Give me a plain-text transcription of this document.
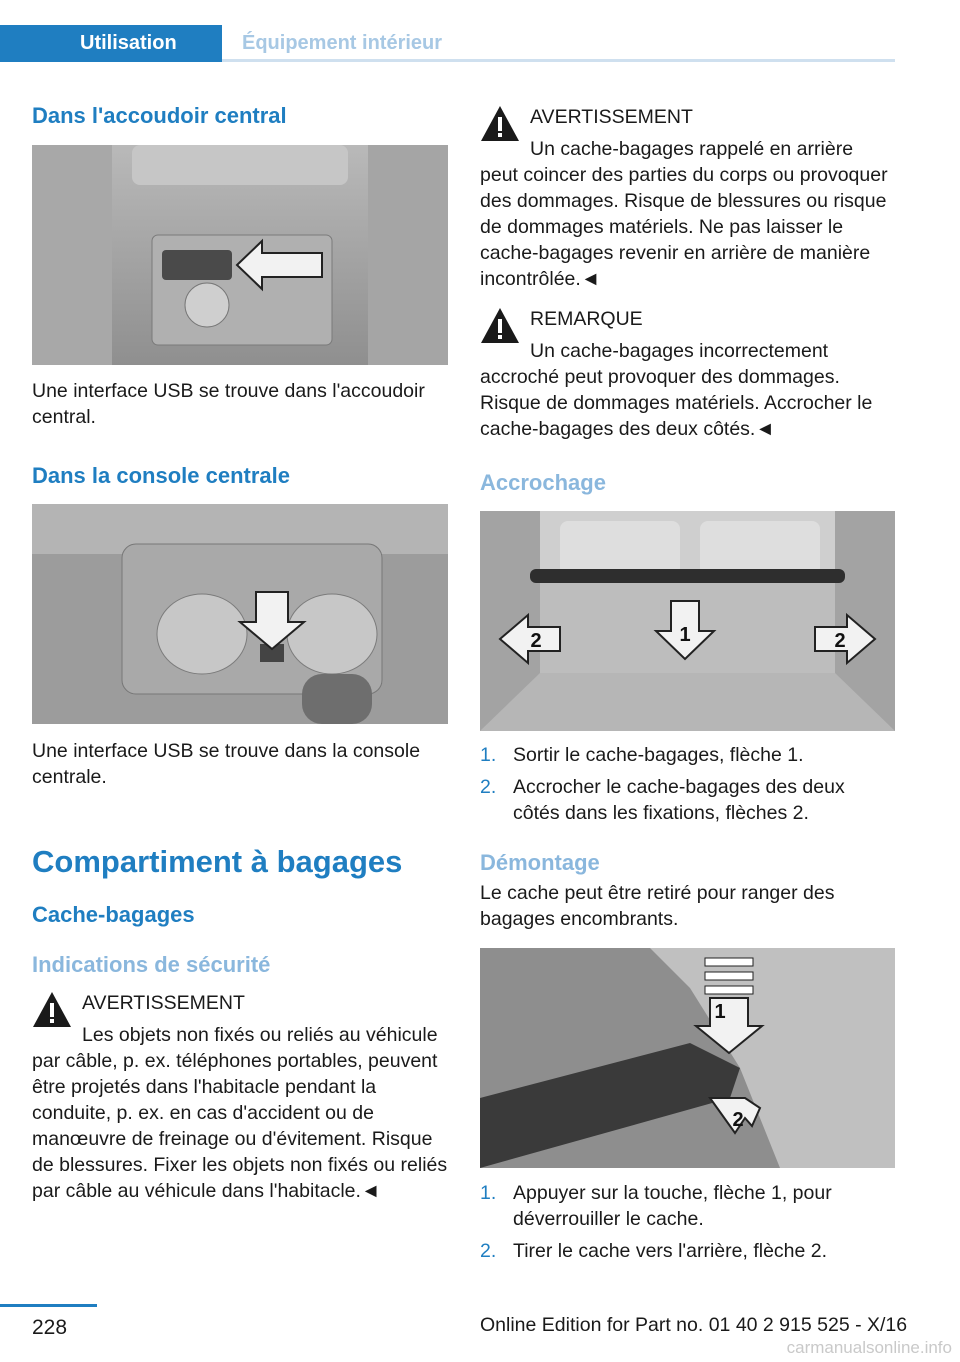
Utilisation	Équipement intérieur
Dans l'accoudoir central
Une interface USB se trouve dans l'accoudoir central.
Dans la console centrale
Une interface USB se trouve dans la console centrale.
Compartiment à bagages
Cache-bagages
Indications de sécurité
AVERTISSEMENT
Les objets non fixés ou reliés au véhicule par câble, p. ex. téléphones portables, peuvent être projetés dans l'habitacle pendant la conduite, p. ex. en cas d'accident ou de manœuvre de freinage ou d'évitement. Risque de blessures. Fixer les objets non fixés ou reliés par câble au véhicule dans l'habitacle.◄
AVERTISSEMENT
Un cache-bagages rappelé en arrière peut coincer des parties du corps ou provoquer des dommages. Risque de blessures ou risque de dommages matériels. Ne pas laisser le cache-bagages revenir en arrière de manière incontrôlée.◄
REMARQUE
Un cache-bagages incorrectement accroché peut provoquer des dommages. Risque de dommages matériels. Accrocher le cache-bagages des deux côtés.◄
Accrochage
1
2	2
1. Sortir le cache-bagages, flèche 1.
2. Accrocher le cache-bagages des deux côtés dans les fixations, flèches 2.
Démontage
Le cache peut être retiré pour ranger des bagages encombrants.
1
2
1. Appuyer sur la touche, flèche 1, pour déverrouiller le cache.
2. Tirer le cache vers l'arrière, flèche 2.
228	Online Edition for Part no. 01 40 2 915 525 - X/16
carmanualsonline.info
